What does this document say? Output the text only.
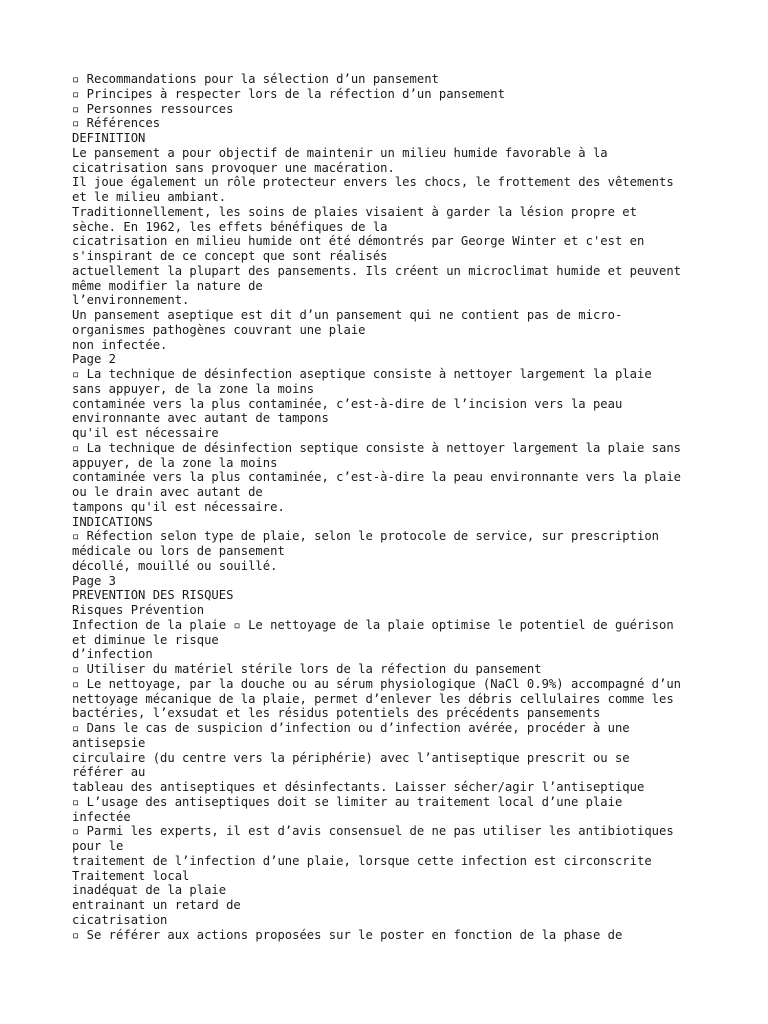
▫ Recommandations pour la sélection d’un pansement
▫ Principes à respecter lors de la réfection d’un pansement
▫ Personnes ressources
▫ Références
DEFINITION
Le pansement a pour objectif de maintenir un milieu humide favorable à la
cicatrisation sans provoquer une macération.
Il joue également un rôle protecteur envers les chocs, le frottement des vêtements
et le milieu ambiant.
Traditionnellement, les soins de plaies visaient à garder la lésion propre et
sèche. En 1962, les effets bénéfiques de la
cicatrisation en milieu humide ont été démontrés par George Winter et c'est en
s'inspirant de ce concept que sont réalisés
actuellement la plupart des pansements. Ils créent un microclimat humide et peuvent
même modifier la nature de
l’environnement.
Un pansement aseptique est dit d’un pansement qui ne contient pas de micro-
organismes pathogènes couvrant une plaie
non infectée.
Page 2
▫ La technique de désinfection aseptique consiste à nettoyer largement la plaie
sans appuyer, de la zone la moins
contaminée vers la plus contaminée, c’est-à-dire de l’incision vers la peau
environnante avec autant de tampons
qu'il est nécessaire
▫ La technique de désinfection septique consiste à nettoyer largement la plaie sans
appuyer, de la zone la moins
contaminée vers la plus contaminée, c’est-à-dire la peau environnante vers la plaie
ou le drain avec autant de
tampons qu'il est nécessaire.
INDICATIONS
▫ Réfection selon type de plaie, selon le protocole de service, sur prescription
médicale ou lors de pansement
décollé, mouillé ou souillé.
Page 3
PREVENTION DES RISQUES
Risques Prévention
Infection de la plaie ▫ Le nettoyage de la plaie optimise le potentiel de guérison
et diminue le risque
d’infection
▫ Utiliser du matériel stérile lors de la réfection du pansement
▫ Le nettoyage, par la douche ou au sérum physiologique (NaCl 0.9%) accompagné d’un
nettoyage mécanique de la plaie, permet d’enlever les débris cellulaires comme les
bactéries, l’exsudat et les résidus potentiels des précédents pansements
▫ Dans le cas de suspicion d’infection ou d’infection avérée, procéder à une
antisepsie
circulaire (du centre vers la périphérie) avec l’antiseptique prescrit ou se
référer au
tableau des antiseptiques et désinfectants. Laisser sécher/agir l’antiseptique
▫ L’usage des antiseptiques doit se limiter au traitement local d’une plaie
infectée
▫ Parmi les experts, il est d’avis consensuel de ne pas utiliser les antibiotiques
pour le
traitement de l’infection d’une plaie, lorsque cette infection est circonscrite
Traitement local
inadéquat de la plaie
entrainant un retard de
cicatrisation
▫ Se référer aux actions proposées sur le poster en fonction de la phase de
